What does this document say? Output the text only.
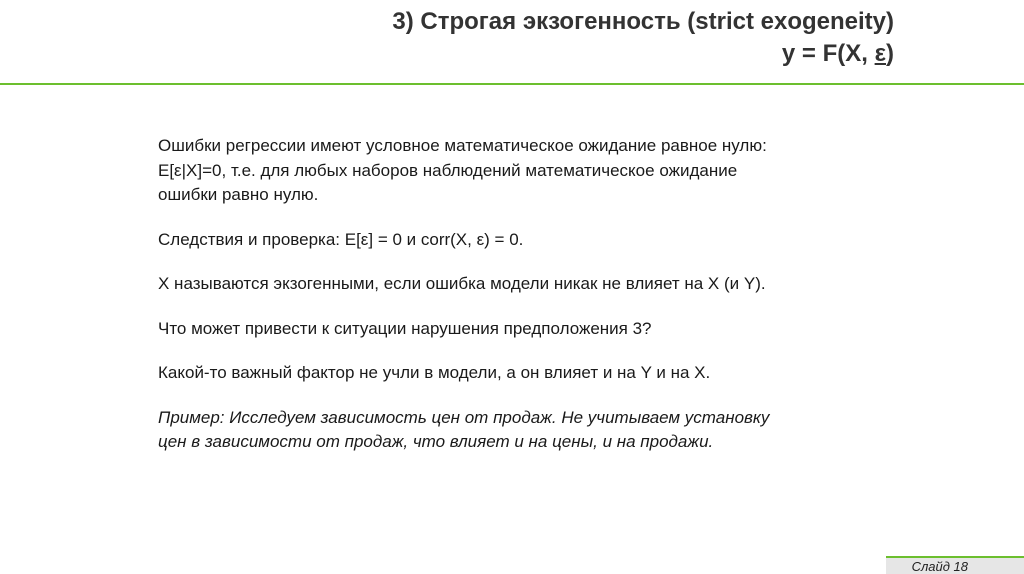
3) Строгая экзогенность (strict exogeneity)
y = F(X, ε)

Ошибки регрессии имеют условное математическое ожидание равное нулю:
E[ε|X]=0, т.е. для любых наборов наблюдений математическое ожидание
ошибки равно нулю.

Следствия и проверка: E[ε] = 0 и corr(X, ε) = 0.

X называются экзогенными, если ошибка модели никак не влияет на X (и Y).

Что может привести к ситуации нарушения предположения 3?

Какой-то важный фактор не учли в модели, а он влияет и на Y и на X.

Пример: Исследуем зависимость цен от продаж. Не учитываем установку
цен в зависимости от продаж, что влияет и на цены, и на продажи.

Слайд 18
